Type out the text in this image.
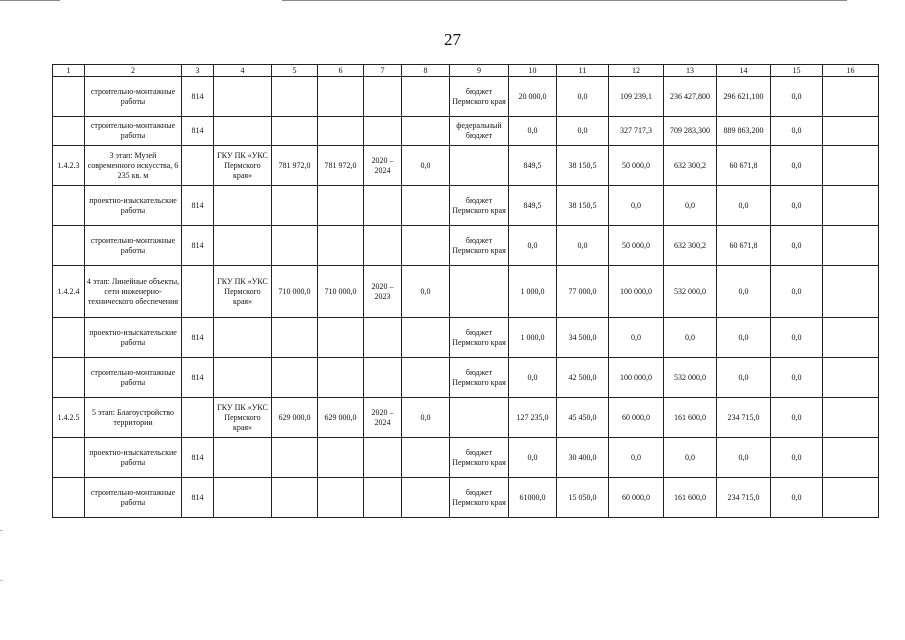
27
1	2	3	4	5	6	7	8	9	10	11	12	13	14	15	16
	строительно-монтажные работы	814						бюджет Пермского края	20 000,0	0,0	109 239,1	236 427,800	296 621,100	0,0	
	строительно-монтажные работы	814						федеральный бюджет	0,0	0,0	327 717,3	709 283,300	889 863,200	0,0	
1.4.2.3	3 этап: Музей современного искусства, 6 235 кв. м		ГКУ ПК «УКС Пермского края»	781 972,0	781 972,0	2020 – 2024	0,0		849,5	38 150,5	50 000,0	632 300,2	60 671,8	0,0	
	проектно-изыскательские работы	814						бюджет Пермского края	849,5	38 150,5	0,0	0,0	0,0	0,0	
	строительно-монтажные работы	814						бюджет Пермского края	0,0	0,0	50 000,0	632 300,2	60 671,8	0,0	
1.4.2.4	4 этап: Линейные объекты, сети инженерно-технического обеспечения		ГКУ ПК «УКС Пермского края»	710 000,0	710 000,0	2020 – 2023	0,0		1 000,0	77 000,0	100 000,0	532 000,0	0,0	0,0	
	проектно-изыскательские работы	814						бюджет Пермского края	1 000,0	34 500,0	0,0	0,0	0,0	0,0	
	строительно-монтажные работы	814						бюджет Пермского края	0,0	42 500,0	100 000,0	532 000,0	0,0	0,0	
1.4.2.5	5 этап: Благоустройство территории		ГКУ ПК «УКС Пермского края»	629 000,0	629 000,0	2020 – 2024	0,0		127 235,0	45 450,0	60 000,0	161 600,0	234 715,0	0,0	
	проектно-изыскательские работы	814						бюджет Пермского края	0,0	30 400,0	0,0	0,0	0,0	0,0	
	строительно-монтажные работы	814						бюджет Пермского края	61000,0	15 050,0	60 000,0	161 600,0	234 715,0	0,0	
